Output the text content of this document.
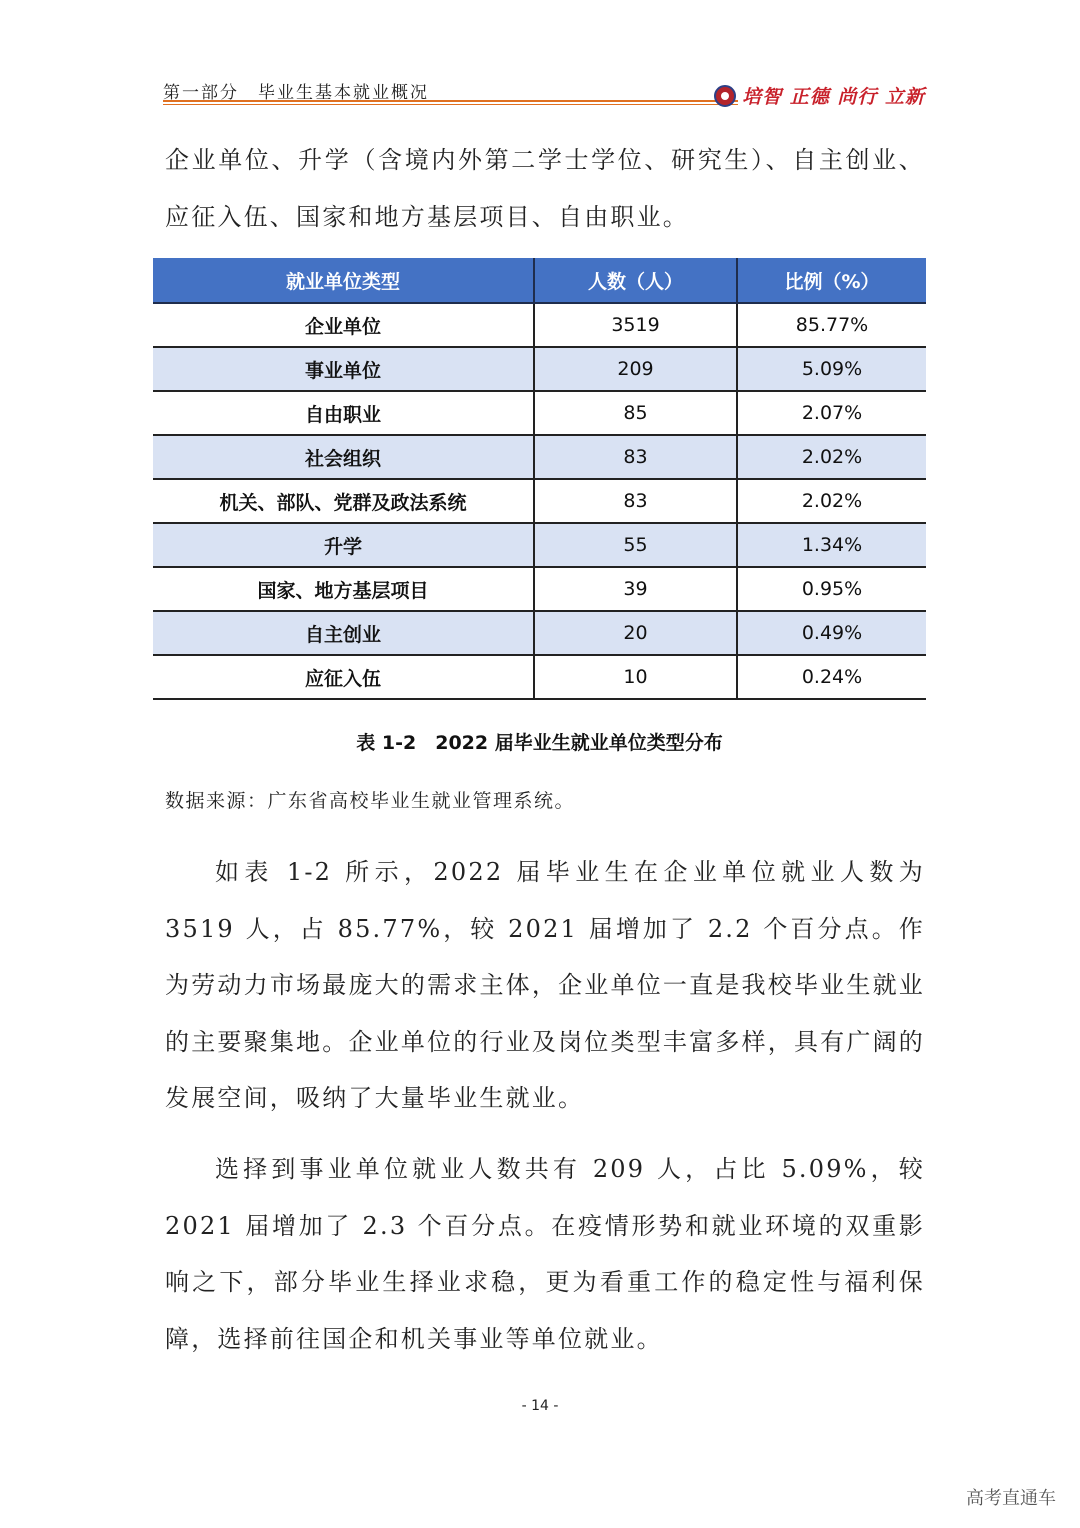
第一部分　毕业生基本就业概况	培智 正德 尚行 立新

企业单位、升学（含境内外第二学士学位、研究生）、自主创业、应征入伍、国家和地方基层项目、自由职业。

就业单位类型	人数（人）	比例（%）
企业单位	3519	85.77%
事业单位	209	5.09%
自由职业	85	2.07%
社会组织	83	2.02%
机关、部队、党群及政法系统	83	2.02%
升学	55	1.34%
国家、地方基层项目	39	0.95%
自主创业	20	0.49%
应征入伍	10	0.24%
表 1-2　2022 届毕业生就业单位类型分布
数据来源：广东省高校毕业生就业管理系统。

如表 1-2 所示，2022 届毕业生在企业单位就业人数为 3519 人，占 85.77%，较 2021 届增加了 2.2 个百分点。作为劳动力市场最庞大的需求主体，企业单位一直是我校毕业生就业的主要聚集地。企业单位的行业及岗位类型丰富多样，具有广阔的发展空间，吸纳了大量毕业生就业。

选择到事业单位就业人数共有 209 人，占比 5.09%，较 2021 届增加了 2.3 个百分点。在疫情形势和就业环境的双重影响之下，部分毕业生择业求稳，更为看重工作的稳定性与福利保障，选择前往国企和机关事业等单位就业。

- 14 -
高考直通车
